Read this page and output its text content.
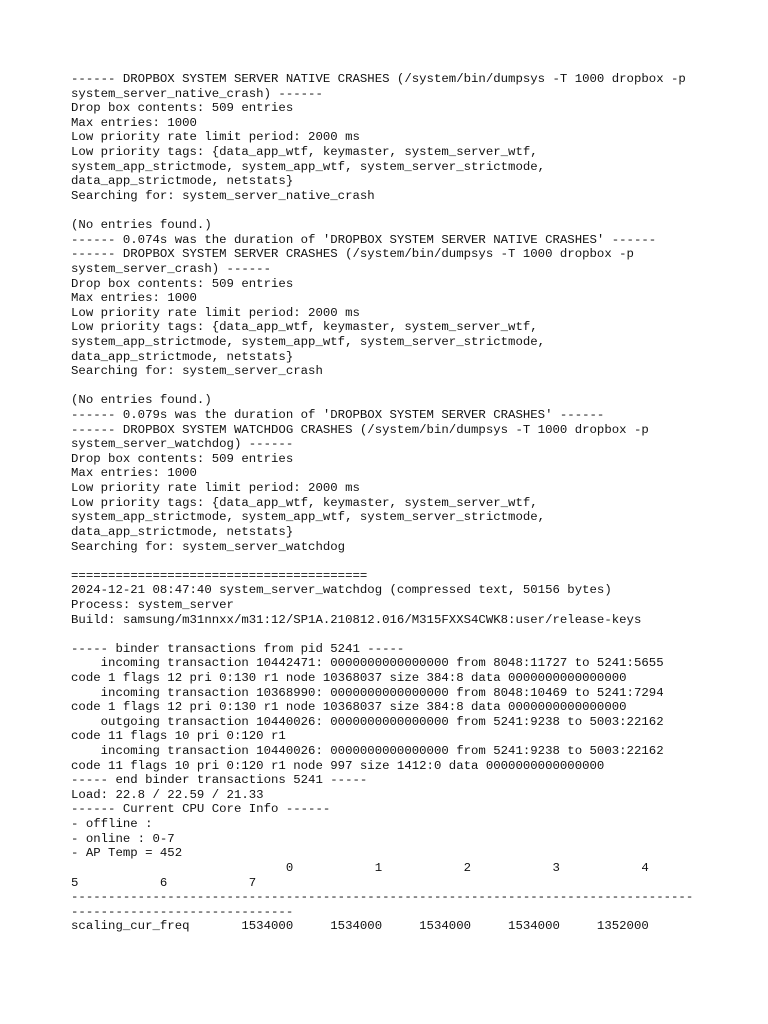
------ DROPBOX SYSTEM SERVER NATIVE CRASHES (/system/bin/dumpsys -T 1000 dropbox -p
system_server_native_crash) ------
Drop box contents: 509 entries
Max entries: 1000
Low priority rate limit period: 2000 ms
Low priority tags: {data_app_wtf, keymaster, system_server_wtf,
system_app_strictmode, system_app_wtf, system_server_strictmode,
data_app_strictmode, netstats}
Searching for: system_server_native_crash
(No entries found.)
------ 0.074s was the duration of 'DROPBOX SYSTEM SERVER NATIVE CRASHES' ------
------ DROPBOX SYSTEM SERVER CRASHES (/system/bin/dumpsys -T 1000 dropbox -p
system_server_crash) ------
Drop box contents: 509 entries
Max entries: 1000
Low priority rate limit period: 2000 ms
Low priority tags: {data_app_wtf, keymaster, system_server_wtf,
system_app_strictmode, system_app_wtf, system_server_strictmode,
data_app_strictmode, netstats}
Searching for: system_server_crash
(No entries found.)
------ 0.079s was the duration of 'DROPBOX SYSTEM SERVER CRASHES' ------
------ DROPBOX SYSTEM WATCHDOG CRASHES (/system/bin/dumpsys -T 1000 dropbox -p
system_server_watchdog) ------
Drop box contents: 509 entries
Max entries: 1000
Low priority rate limit period: 2000 ms
Low priority tags: {data_app_wtf, keymaster, system_server_wtf,
system_app_strictmode, system_app_wtf, system_server_strictmode,
data_app_strictmode, netstats}
Searching for: system_server_watchdog
========================================
2024-12-21 08:47:40 system_server_watchdog (compressed text, 50156 bytes)
Process: system_server
Build: samsung/m31nnxx/m31:12/SP1A.210812.016/M315FXXS4CWK8:user/release-keys
----- binder transactions from pid 5241 -----
incoming transaction 10442471: 0000000000000000 from 8048:11727 to 5241:5655
code 1 flags 12 pri 0:130 r1 node 10368037 size 384:8 data 0000000000000000
incoming transaction 10368990: 0000000000000000 from 8048:10469 to 5241:7294
code 1 flags 12 pri 0:130 r1 node 10368037 size 384:8 data 0000000000000000
outgoing transaction 10440026: 0000000000000000 from 5241:9238 to 5003:22162
code 11 flags 10 pri 0:120 r1
incoming transaction 10440026: 0000000000000000 from 5241:9238 to 5003:22162
code 11 flags 10 pri 0:120 r1 node 997 size 1412:0 data 0000000000000000
----- end binder transactions 5241 -----
Load: 22.8 / 22.59 / 21.33
------ Current CPU Core Info ------
- offline :
- online : 0-7
- AP Temp = 452
0           1           2           3           4
5           6           7
------------------------------------------------------------------------------------
------------------------------
scaling_cur_freq       1534000     1534000     1534000     1534000     1352000
